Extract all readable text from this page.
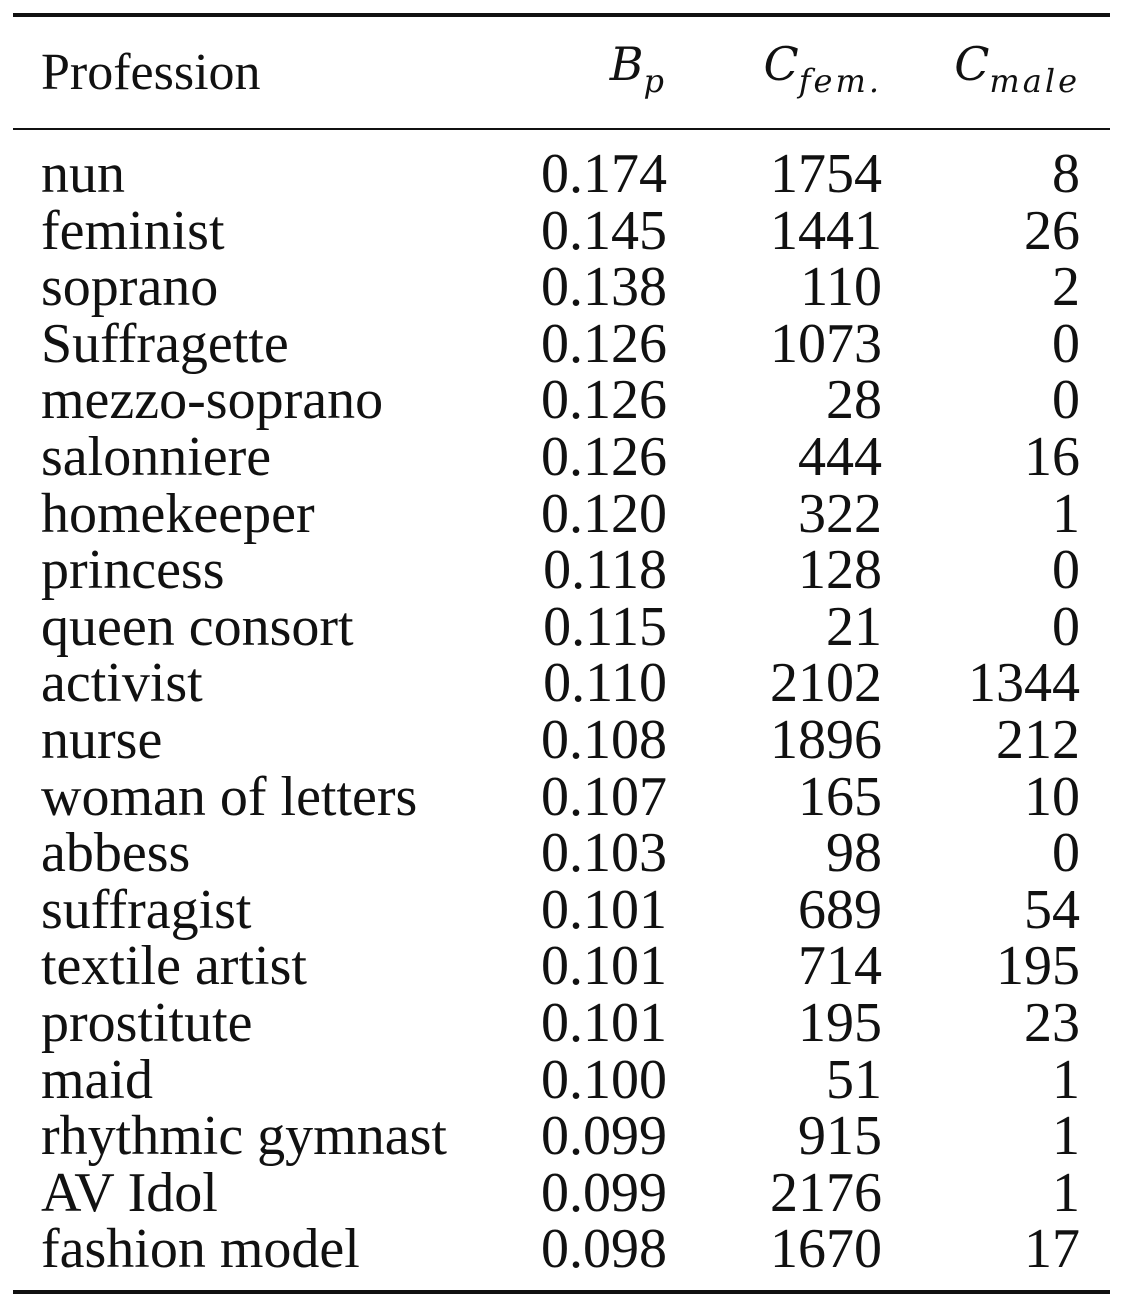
Profession	$B_p$	$C_{fem.}$	$C_{male}$
nun	0.174	1754	8
feminist	0.145	1441	26
soprano	0.138	110	2
Suffragette	0.126	1073	0
mezzo-soprano	0.126	28	0
salonniere	0.126	444	16
homekeeper	0.120	322	1
princess	0.118	128	0
queen consort	0.115	21	0
activist	0.110	2102	1344
nurse	0.108	1896	212
woman of letters	0.107	165	10
abbess	0.103	98	0
suffragist	0.101	689	54
textile artist	0.101	714	195
prostitute	0.101	195	23
maid	0.100	51	1
rhythmic gymnast	0.099	915	1
AV Idol	0.099	2176	1
fashion model	0.098	1670	17
